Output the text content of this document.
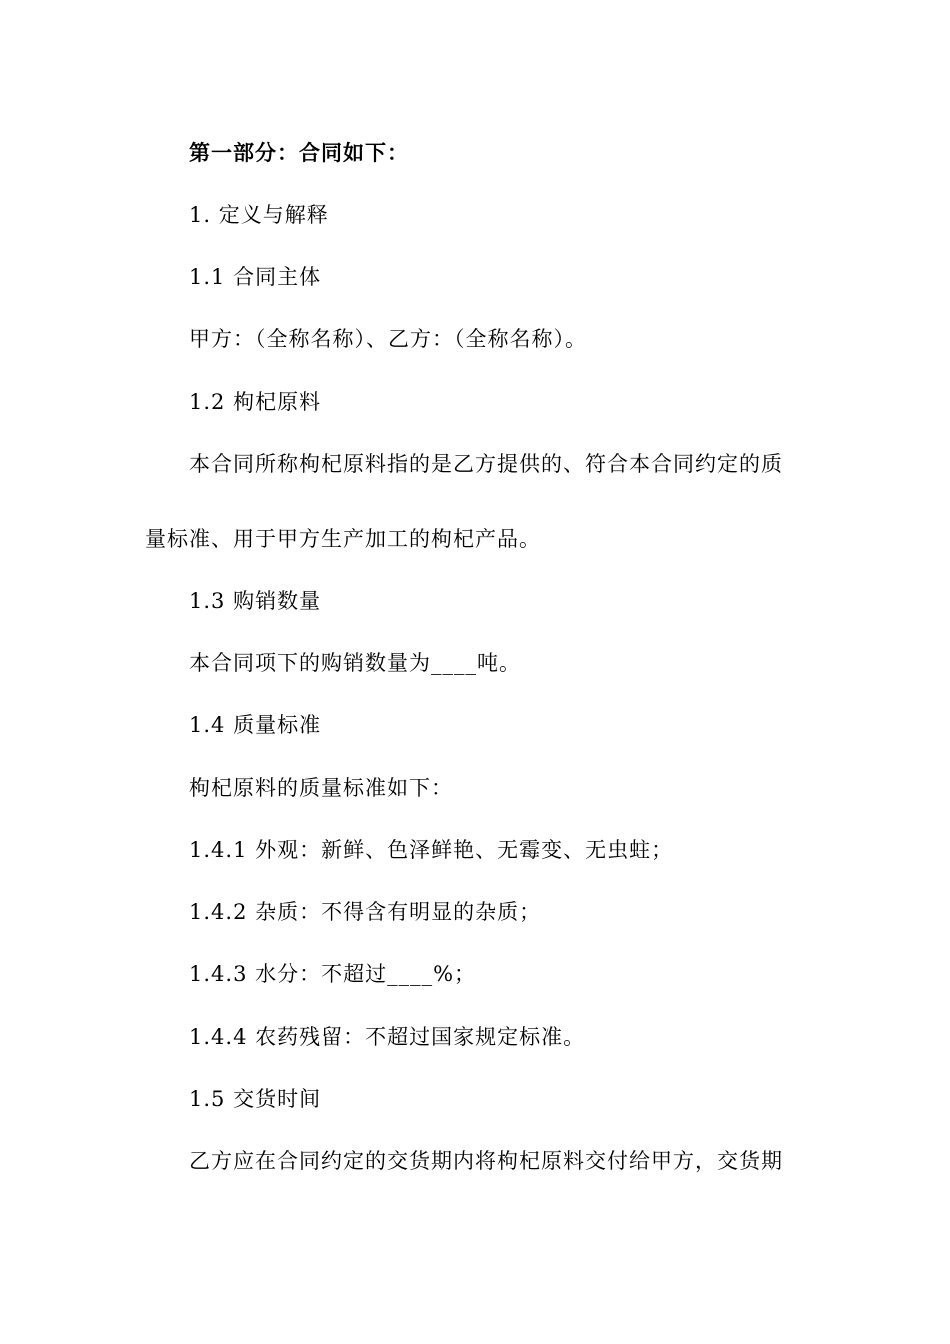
第一部分：合同如下：
1. 定义与解释
1.1 合同主体
甲方：（全称名称）、乙方：（全称名称）。
1.2 枸杞原料
本合同所称枸杞原料指的是乙方提供的、符合本合同约定的质
量标准、用于甲方生产加工的枸杞产品。
1.3 购销数量
本合同项下的购销数量为____吨。
1.4 质量标准
枸杞原料的质量标准如下：
1.4.1 外观：新鲜、色泽鲜艳、无霉变、无虫蛀；
1.4.2 杂质：不得含有明显的杂质；
1.4.3 水分：不超过____%；
1.4.4 农药残留：不超过国家规定标准。
1.5 交货时间
乙方应在合同约定的交货期内将枸杞原料交付给甲方，交货期
